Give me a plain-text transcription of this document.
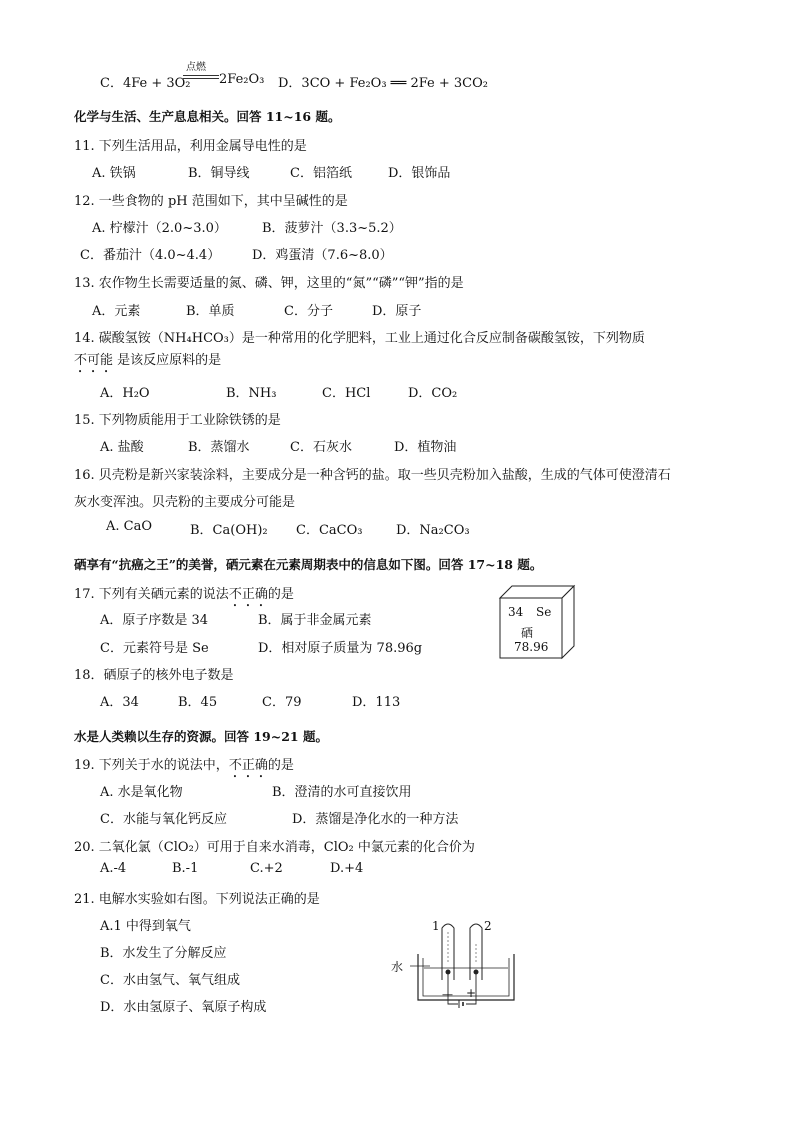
C．4Fe + 3O₂
点燃
2Fe₂O₃ D．3CO + Fe₂O₃ ══ 2Fe + 3CO₂
化学与生活、生产息息相关。回答 11~16 题。
11. 下列生活用品，利用金属导电性的是
A. 铁锅	B．铜导线	C．铝箔纸	D．银饰品
12. 一些食物的 pH 范围如下，其中呈碱性的是
A. 柠檬汁（2.0~3.0）	B．菠萝汁（3.3~5.2）
C．番茄汁（4.0~4.4） D．鸡蛋清（7.6~8.0）
13. 农作物生长需要适量的氮、磷、钾，这里的“氮”“磷”“钾”指的是
A．元素	B．单质	C．分子	D．原子
14. 碳酸氢铵（NH₄HCO₃）是一种常用的化学肥料，工业上通过化合反应制备碳酸氢铵，下列物质
不可能 是该反应原料的是
A．H₂O	B．NH₃	C．HCl	D．CO₂
15. 下列物质能用于工业除铁锈的是
A. 盐酸	B．蒸馏水	C．石灰水	D．植物油
16. 贝壳粉是新兴家装涂料，主要成分是一种含钙的盐。取一些贝壳粉加入盐酸，生成的气体可使澄清石
灰水变浑浊。贝壳粉的主要成分可能是
A. CaO	B．Ca(OH)₂ C．CaCO₃	D．Na₂CO₃
硒享有“抗癌之王”的美誉，硒元素在元素周期表中的信息如下图。回答 17~18 题。
17. 下列有关硒元素的说法不正确的是
A．原子序数是 34	B．属于非金属元素
C．元素符号是 Se	D．相对原子质量为 78.96g
34 Se
硒
78.96
18．硒原子的核外电子数是
A．34	B．45	C．79	D．113
水是人类赖以生存的资源。回答 19~21 题。
19. 下列关于水的说法中，不正确的是
A. 水是氧化物	B．澄清的水可直接饮用
C．水能与氧化钙反应	D．蒸馏是净化水的一种方法
20. 二氧化氯（ClO₂）可用于自来水消毒，ClO₂ 中氯元素的化合价为
A.-4	B.-1	C.+2	D.+4
21. 电解水实验如右图。下列说法正确的是
A.1 中得到氧气
B．水发生了分解反应
C．水由氢气、氧气组成
D．水由氢原子、氧原子构成
1	2
水
— +
